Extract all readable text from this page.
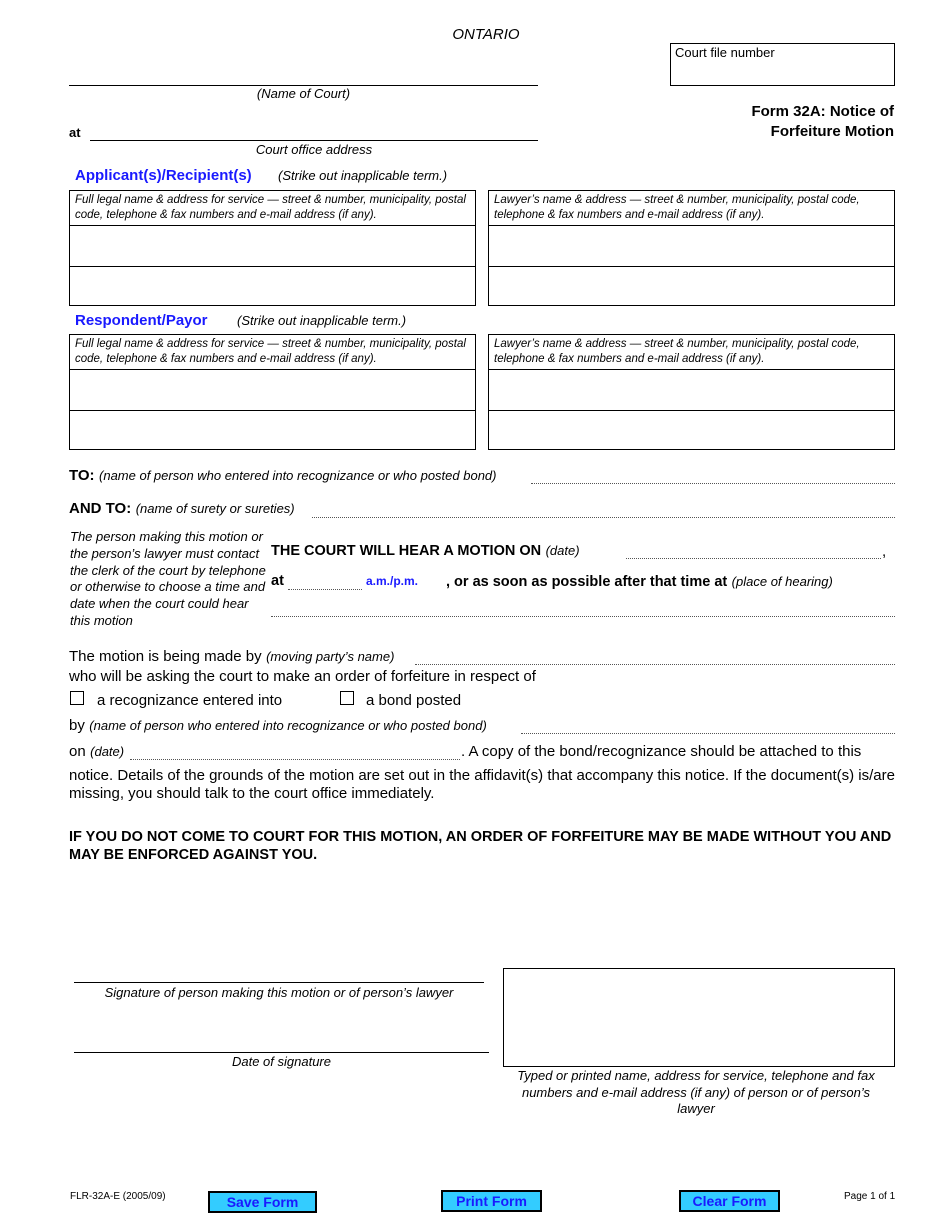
ONTARIO
Court file number
(Name of Court)
at
Court office address
Form 32A: Notice of
Forfeiture Motion
Applicant(s)/Recipient(s) (Strike out inapplicable term.)
Full legal name & address for service — street & number, municipality, postal code, telephone & fax numbers and e-mail address (if any).
Lawyer’s name & address — street & number, municipality, postal code, telephone & fax numbers and e-mail address (if any).
Respondent/Payor (Strike out inapplicable term.)
Full legal name & address for service — street & number, municipality, postal code, telephone & fax numbers and e-mail address (if any).
Lawyer’s name & address — street & number, municipality, postal code, telephone & fax numbers and e-mail address (if any).
TO: (name of person who entered into recognizance or who posted bond)
AND TO: (name of surety or sureties)
The person making this motion or the person’s lawyer must contact the clerk of the court by telephone or otherwise to choose a time and date when the court could hear this motion
THE COURT WILL HEAR A MOTION ON (date)	,
at	a.m./p.m. , or as soon as possible after that time at (place of hearing)
The motion is being made by (moving party’s name)
who will be asking the court to make an order of forfeiture in respect of
a recognizance entered into	a bond posted
by (name of person who entered into recognizance or who posted bond)
on (date)	. A copy of the bond/recognizance should be attached to this
notice. Details of the grounds of the motion are set out in the affidavit(s) that accompany this notice. If the document(s) is/are missing, you should talk to the court office immediately.
IF YOU DO NOT COME TO COURT FOR THIS MOTION, AN ORDER OF FORFEITURE MAY BE MADE WITHOUT YOU AND MAY BE ENFORCED AGAINST YOU.
Signature of person making this motion or of person’s lawyer
Date of signature
Typed or printed name, address for service, telephone and fax numbers and e-mail address (if any) of person or of person’s lawyer
FLR-32A-E (2005/09)	Save Form	Print Form	Clear Form	Page 1 of 1
